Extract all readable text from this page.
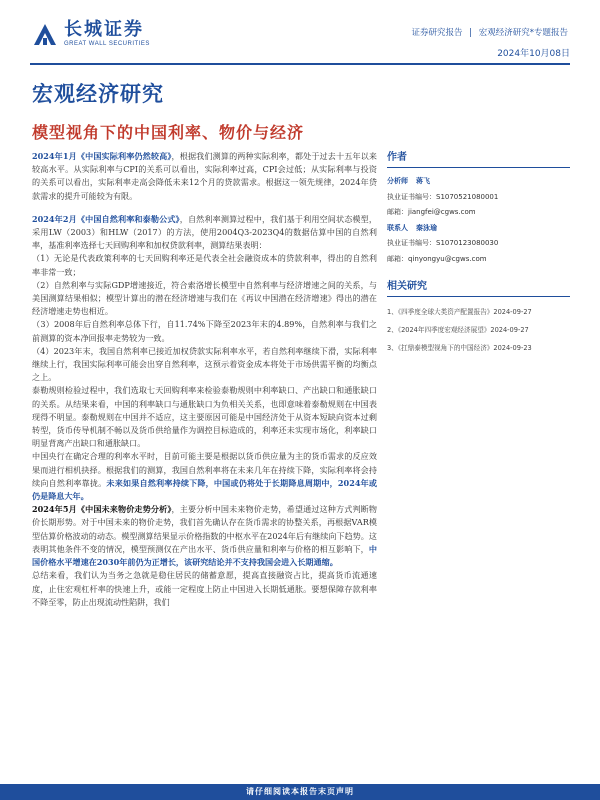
长城证券
GREAT WALL SECURITIES
证券研究报告 | 宏观经济研究*专题报告
2024年10月08日
宏观经济研究
模型视角下的中国利率、物价与经济

2024年1月《中国实际利率仍然较高》，根据我们测算的两种实际利率，都处于过去十五年以来较高水平。从实际利率与CPI的关系可以看出，实际利率过高，CPI会过低；从实际利率与投资的关系可以看出，实际利率走高会降低未来12个月的贷款需求。根据这一领先规律，2024年贷款需求的提升可能较为有限。

2024年2月《中国自然利率和泰勒公式》，自然利率测算过程中，我们基于利用空间状态模型，采用LW（2003）和HLW（2017）的方法，使用2004Q3-2023Q4的数据估算中国的自然利率，基准利率选择七天回购利率和加权贷款利率，测算结果表明：

（1）无论是代表政策利率的七天回购利率还是代表全社会融资成本的贷款利率，得出的自然利率非常一致；

（2）自然利率与实际GDP增速接近，符合索洛增长模型中自然利率与经济增速之间的关系，与美国测算结果相似；模型计算出的潜在经济增速与我们在《再议中国潜在经济增速》得出的潜在经济增速走势也相近。

（3）2008年后自然利率总体下行，自11.74%下降至2023年末的4.89%，自然利率与我们之前测算的资本净回报率走势较为一致。

（4）2023年末，我国自然利率已接近加权贷款实际利率水平，若自然利率继续下滑，实际利率继续上行，我国实际利率可能会出穿自然利率，这预示着资金成本将处于市场供需平衡的均衡点之上。

泰勒规则检验过程中，我们选取七天回购利率来检验泰勒规则中利率缺口、产出缺口和通胀缺口的关系。从结果来看，中国的利率缺口与通胀缺口为负相关关系，也即意味着泰勒规则在中国表现得不明显。泰勒规则在中国并不适应，这主要原因可能是中国经济处于从资本短缺向资本过剩转型，货币传导机制不畅以及货币供给量作为调控目标造成的，利率还未实现市场化，利率缺口明显背离产出缺口和通胀缺口。

中国央行在确定合理的利率水平时，目前可能主要是根据以货币供应量为主的货币需求的反应效果而进行相机抉择。根据我们的测算，我国自然利率将在未来几年在持续下降，实际利率将会持续向自然利率靠拢。未来如果自然利率持续下降，中国或仍将处于长期降息周期中，2024年或仍是降息大年。

2024年5月《中国未来物价走势分析》，主要分析中国未来物价走势，希望通过这种方式判断物价长期形势。对于中国未来的物价走势，我们首先确认存在货币需求的协整关系，再根据VAR模型估算价格波动的动态。模型测算结果显示价格指数的中枢水平在2024年后有继续向下趋势。这表明其他条件不变的情况，模型预测仅在产出水平、货币供应量和利率与价格的相互影响下，中国价格水平增速在2030年前仍为正增长，该研究结论并不支持我国会进入长期通缩。

总结来看，我们认为当务之急就是稳住居民的储蓄意愿，提高直接融资占比，提高货币流通速度，止住宏观杠杆率的快速上升，或能一定程度上防止中国进入长期低通胀。要想保障存款利率不降至零，防止出现流动性陷阱，我们

作者
分析师 蒋飞
执业证书编号：S1070521080001
邮箱：jiangfei@cgws.com
联系人 秦泳瑜
执业证书编号：S1070123080030
邮箱：qinyongyu@cgws.com
相关研究
1、《四季度全球大类资产配置报告》2024-09-27
2、《2024年四季度宏观经济展望》2024-09-27
3、《扛鼎泰模型视角下的中国经济》2024-09-23
请仔细阅读本报告末页声明
